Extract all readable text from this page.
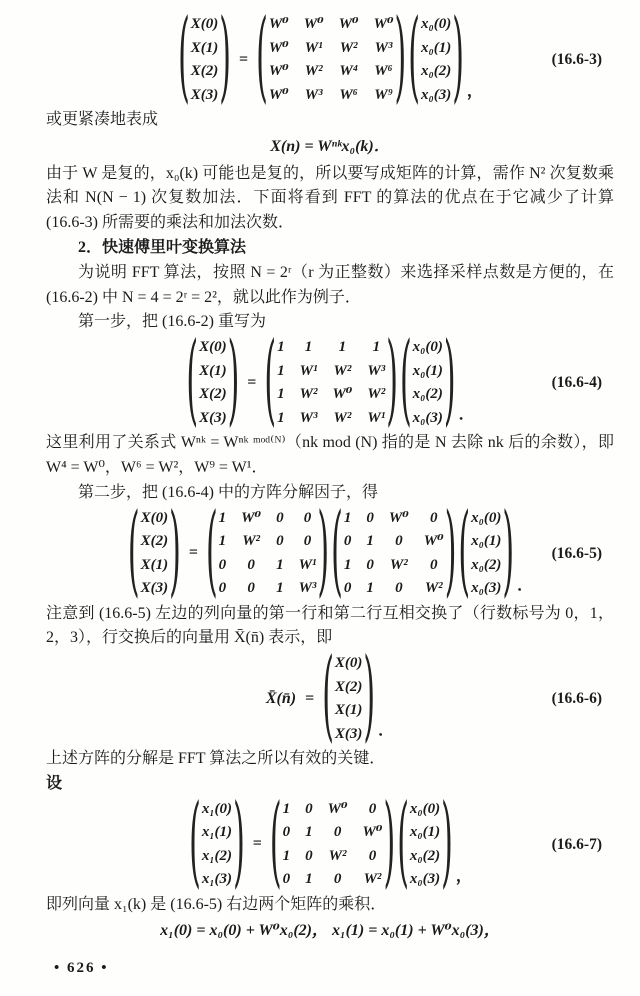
( X(0)
X(1)
X(2)
X(3) ) = ( W⁰ W⁰ W⁰ W⁰
W⁰ W¹ W² W³
W⁰ W² W⁴ W⁶
W⁰ W³ W⁶ W⁹ ) ( x₀(0)
x₀(1)
x₀(2)
x₀(3) ) ，
(16.6-3)

或更紧凑地表成

X(n) = Wⁿᵏx₀(k)．

由于 W 是复的，x₀(k) 可能也是复的，所以要写成矩阵的计算，需作 N² 次复数乘法和 N(N − 1) 次复数加法．下面将看到 FFT 的算法的优点在于它减少了计算 (16.6-3) 所需要的乘法和加法次数．

2．快速傅里叶变换算法

为说明 FFT 算法，按照 N = 2ʳ（r 为正整数）来选择采样点数是方便的，在 (16.6-2) 中 N = 4 = 2ʳ = 2²，就以此作为例子．

第一步，把 (16.6-2) 重写为

( X(0)
X(1)
X(2)
X(3) ) = ( 1 1 1 1
1 W¹ W² W³
1 W² W⁰ W²
1 W³ W² W¹ ) ( x₀(0)
x₀(1)
x₀(2)
x₀(3) ) ．
(16.6-4)

这里利用了关系式 Wⁿᵏ = Wⁿᵏ ᵐᵒᵈ⁽ᴺ⁾（nk mod (N) 指的是 N 去除 nk 后的余数），即 W⁴ = W⁰，W⁶ = W²，W⁹ = W¹．

第二步，把 (16.6-4) 中的方阵分解因子，得

( X(0)
X(2)
X(1)
X(3) ) = ( 1 W⁰ 0 0
1 W² 0 0
0 0 1 W¹
0 0 1 W³ ) ( 1 0 W⁰ 0
0 1 0 W⁰
1 0 W² 0
0 1 0 W² ) ( x₀(0)
x₀(1)
x₀(2)
x₀(3) ) ．
(16.6-5)

注意到 (16.6-5) 左边的列向量的第一行和第二行互相交换了（行数标号为 0，1，2，3），行交换后的向量用 X̄(n̄) 表示，即

X̄(n̄) = ( X(0)
X(2)
X(1)
X(3) ) ．
(16.6-6)

上述方阵的分解是 FFT 算法之所以有效的关键．

设

( x₁(0)
x₁(1)
x₁(2)
x₁(3) ) = ( 1 0 W⁰ 0
0 1 0 W⁰
1 0 W² 0
0 1 0 W² ) ( x₀(0)
x₀(1)
x₀(2)
x₀(3) ) ，
(16.6-7)

即列向量 x₁(k) 是 (16.6-5) 右边两个矩阵的乘积．

x₁(0) = x₀(0) + W⁰x₀(2)， x₁(1) = x₀(1) + W⁰x₀(3)，

• 626 •
